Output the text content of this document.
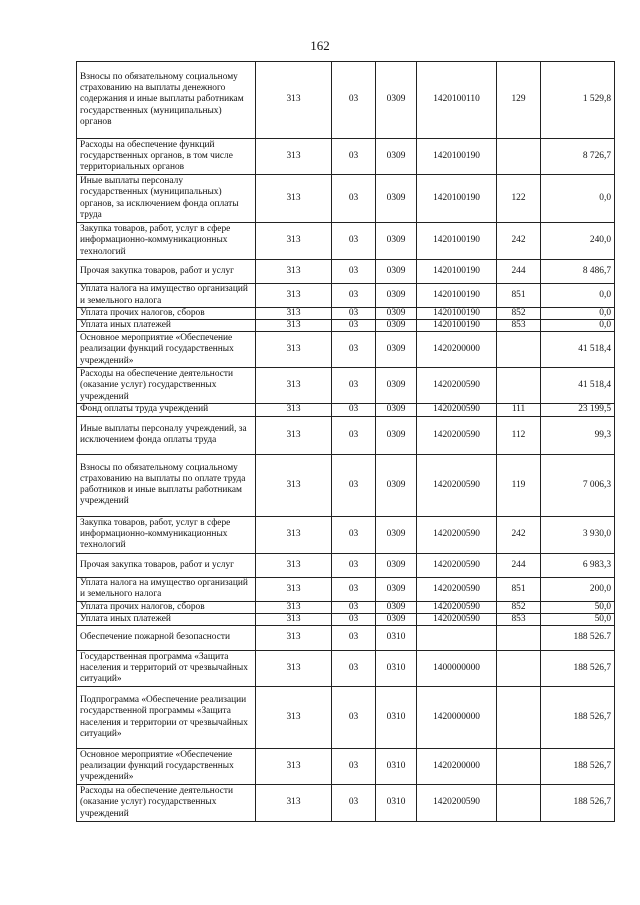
162
Взносы по обязательному социальному страхованию на выплаты денежного содержания и иные выплаты работникам государственных (муниципальных) органов	313	03	0309	1420100110	129	1 529,8
Расходы на обеспечение функций государственных органов, в том числе территориальных органов	313	03	0309	1420100190		8 726,7
Иные выплаты персоналу государственных (муниципальных) органов, за исключением фонда оплаты труда	313	03	0309	1420100190	122	0,0
Закупка товаров, работ, услуг в сфере информационно-коммуникационных технологий	313	03	0309	1420100190	242	240,0
Прочая закупка товаров, работ и услуг	313	03	0309	1420100190	244	8 486,7
Уплата налога на имущество организаций и земельного налога	313	03	0309	1420100190	851	0,0
Уплата прочих налогов, сборов	313	03	0309	1420100190	852	0,0
Уплата иных платежей	313	03	0309	1420100190	853	0,0
Основное мероприятие «Обеспечение реализации функций государственных учреждений»	313	03	0309	1420200000		41 518,4
Расходы на обеспечение деятельности (оказание услуг) государственных учреждений	313	03	0309	1420200590		41 518,4
Фонд оплаты труда учреждений	313	03	0309	1420200590	111	23 199,5
Иные выплаты персоналу учреждений, за исключением фонда оплаты труда	313	03	0309	1420200590	112	99,3
Взносы по обязательному социальному страхованию на выплаты по оплате труда работников и иные выплаты работникам учреждений	313	03	0309	1420200590	119	7 006,3
Закупка товаров, работ, услуг в сфере информационно-коммуникационных технологий	313	03	0309	1420200590	242	3 930,0
Прочая закупка товаров, работ и услуг	313	03	0309	1420200590	244	6 983,3
Уплата налога на имущество организаций и земельного налога	313	03	0309	1420200590	851	200,0
Уплата прочих налогов, сборов	313	03	0309	1420200590	852	50,0
Уплата иных платежей	313	03	0309	1420200590	853	50,0
Обеспечение пожарной безопасности	313	03	0310			188 526.7
Государственная программа «Защита населения и территорий от чрезвычайных ситуаций»	313	03	0310	1400000000		188 526,7
Подпрограмма «Обеспечение реализации государственной программы «Защита населения и территории от чрезвычайных ситуаций»	313	03	0310	1420000000		188 526,7
Основное мероприятие «Обеспечение реализации функций государственных учреждений»	313	03	0310	1420200000		188 526,7
Расходы на обеспечение деятельности (оказание услуг) государственных учреждений	313	03	0310	1420200590		188 526,7
